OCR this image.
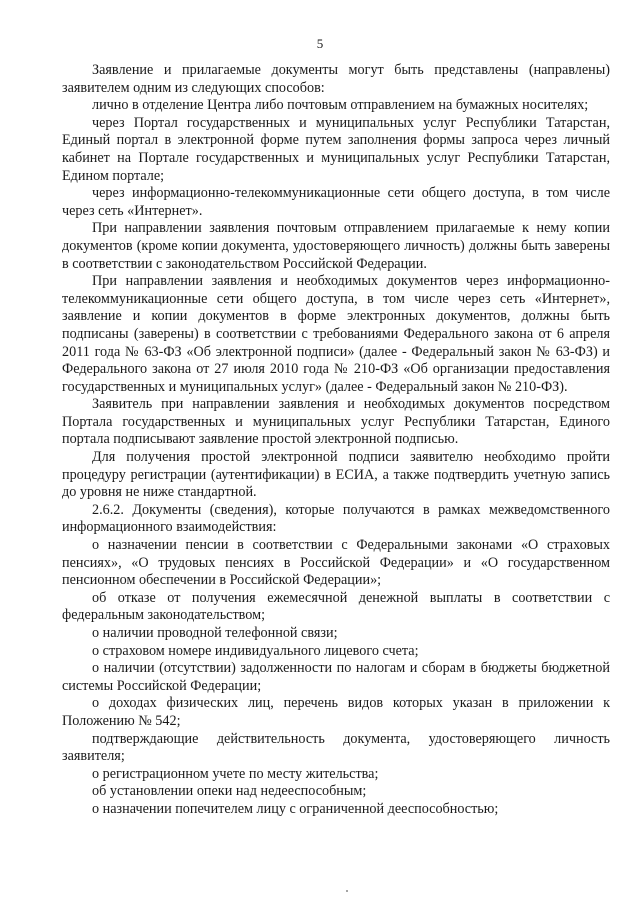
5

Заявление и прилагаемые документы могут быть представлены (направлены) заявителем одним из следующих способов:

лично в отделение Центра либо почтовым отправлением на бумажных носителях;

через Портал государственных и муниципальных услуг Республики Татарстан, Единый портал в электронной форме путем заполнения формы запроса через личный кабинет на Портале государственных и муниципальных услуг Республики Татарстан, Едином портале;

через информационно-телекоммуникационные сети общего доступа, в том числе через сеть «Интернет».

При направлении заявления почтовым отправлением прилагаемые к нему копии документов (кроме копии документа, удостоверяющего личность) должны быть заверены в соответствии с законодательством Российской Федерации.

При направлении заявления и необходимых документов через информационно-телекоммуникационные сети общего доступа, в том числе через сеть «Интернет», заявление и копии документов в форме электронных документов, должны быть подписаны (заверены) в соответствии с требованиями Федерального закона от 6 апреля 2011 года № 63-ФЗ «Об электронной подписи» (далее - Федеральный закон № 63-ФЗ) и Федерального закона от 27 июля 2010 года № 210-ФЗ «Об организации предоставления государственных и муниципальных услуг» (далее - Федеральный закон № 210-ФЗ).

Заявитель при направлении заявления и необходимых документов посредством Портала государственных и муниципальных услуг Республики Татарстан, Единого портала подписывают заявление простой электронной подписью.

Для получения простой электронной подписи заявителю необходимо пройти процедуру регистрации (аутентификации) в ЕСИА, а также подтвердить учетную запись до уровня не ниже стандартной.

2.6.2. Документы (сведения), которые получаются в рамках межведомственного информационного взаимодействия:

о назначении пенсии в соответствии с Федеральными законами «О страховых пенсиях», «О трудовых пенсиях в Российской Федерации» и «О государственном пенсионном обеспечении в Российской Федерации»;

об отказе от получения ежемесячной денежной выплаты в соответствии с федеральным законодательством;

о наличии проводной телефонной связи;

о страховом номере индивидуального лицевого счета;

о наличии (отсутствии) задолженности по налогам и сборам в бюджеты бюджетной системы Российской Федерации;

о доходах физических лиц, перечень видов которых указан в приложении к Положению № 542;

подтверждающие действительность документа, удостоверяющего личность заявителя;

о регистрационном учете по месту жительства;

об установлении опеки над недееспособным;

о назначении попечителем лицу с ограниченной дееспособностью;
